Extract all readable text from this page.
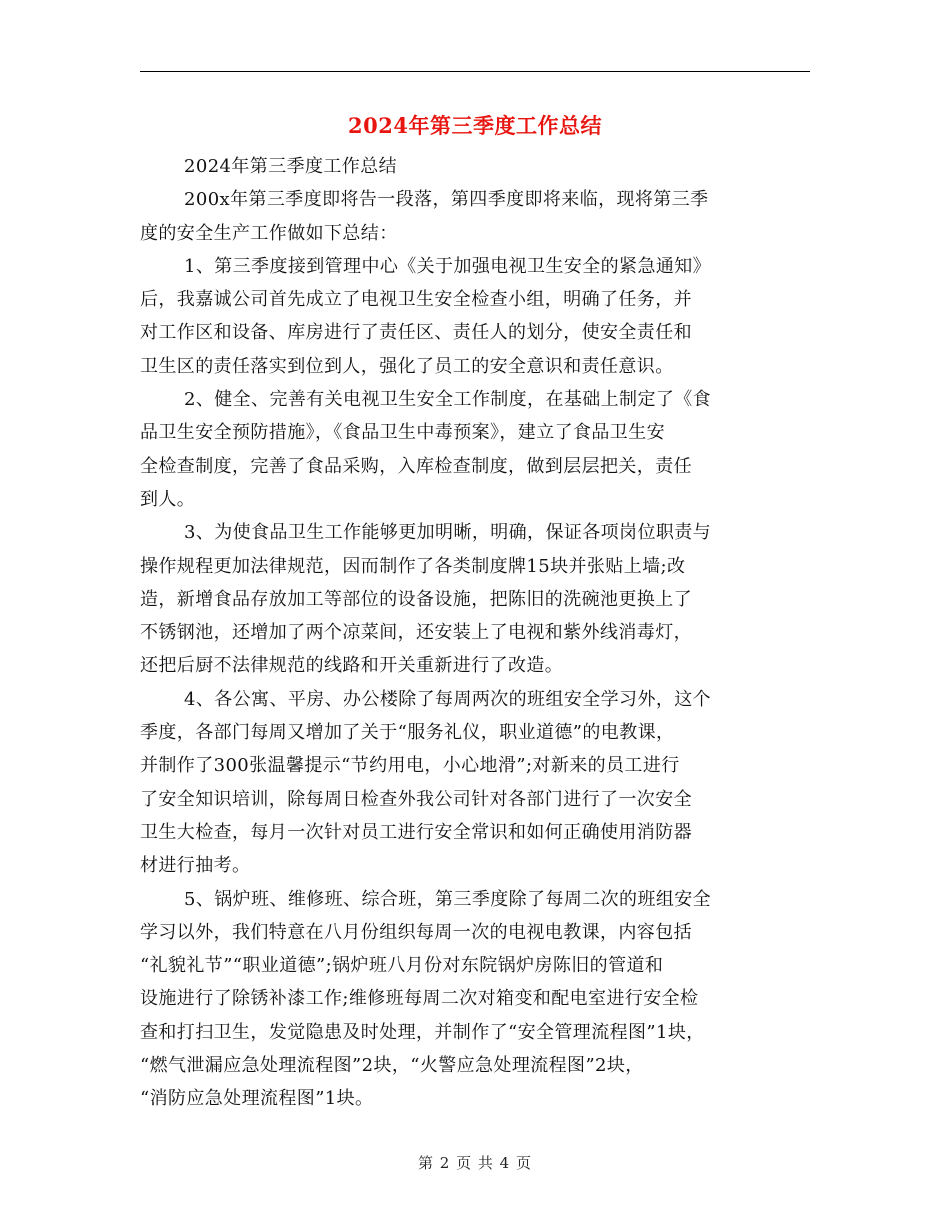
2024年第三季度工作总结
2024年第三季度工作总结
200x年第三季度即将告一段落，第四季度即将来临，现将第三季
度的安全生产工作做如下总结：
1、第三季度接到管理中心《关于加强电视卫生安全的紧急通知》
后，我嘉诚公司首先成立了电视卫生安全检查小组，明确了任务，并
对工作区和设备、库房进行了责任区、责任人的划分，使安全责任和
卫生区的责任落实到位到人，强化了员工的安全意识和责任意识。
2、健全、完善有关电视卫生安全工作制度，在基础上制定了《食
品卫生安全预防措施》，《食品卫生中毒预案》，建立了食品卫生安
全检查制度，完善了食品采购，入库检查制度，做到层层把关，责任
到人。
3、为使食品卫生工作能够更加明晰，明确，保证各项岗位职责与
操作规程更加法律规范，因而制作了各类制度牌15块并张贴上墙;改
造，新增食品存放加工等部位的设备设施，把陈旧的洗碗池更换上了
不锈钢池，还增加了两个凉菜间，还安装上了电视和紫外线消毒灯，
还把后厨不法律规范的线路和开关重新进行了改造。
4、各公寓、平房、办公楼除了每周两次的班组安全学习外，这个
季度，各部门每周又增加了关于“服务礼仪，职业道德”的电教课，
并制作了300张温馨提示“节约用电，小心地滑”;对新来的员工进行
了安全知识培训，除每周日检查外我公司针对各部门进行了一次安全
卫生大检查，每月一次针对员工进行安全常识和如何正确使用消防器
材进行抽考。
5、锅炉班、维修班、综合班，第三季度除了每周二次的班组安全
学习以外，我们特意在八月份组织每周一次的电视电教课，内容包括
“礼貌礼节”“职业道德”;锅炉班八月份对东院锅炉房陈旧的管道和
设施进行了除锈补漆工作;维修班每周二次对箱变和配电室进行安全检
查和打扫卫生，发觉隐患及时处理，并制作了“安全管理流程图”1块，
“燃气泄漏应急处理流程图”2块，“火警应急处理流程图”2块，
“消防应急处理流程图”1块。
第 2 页 共 4 页
